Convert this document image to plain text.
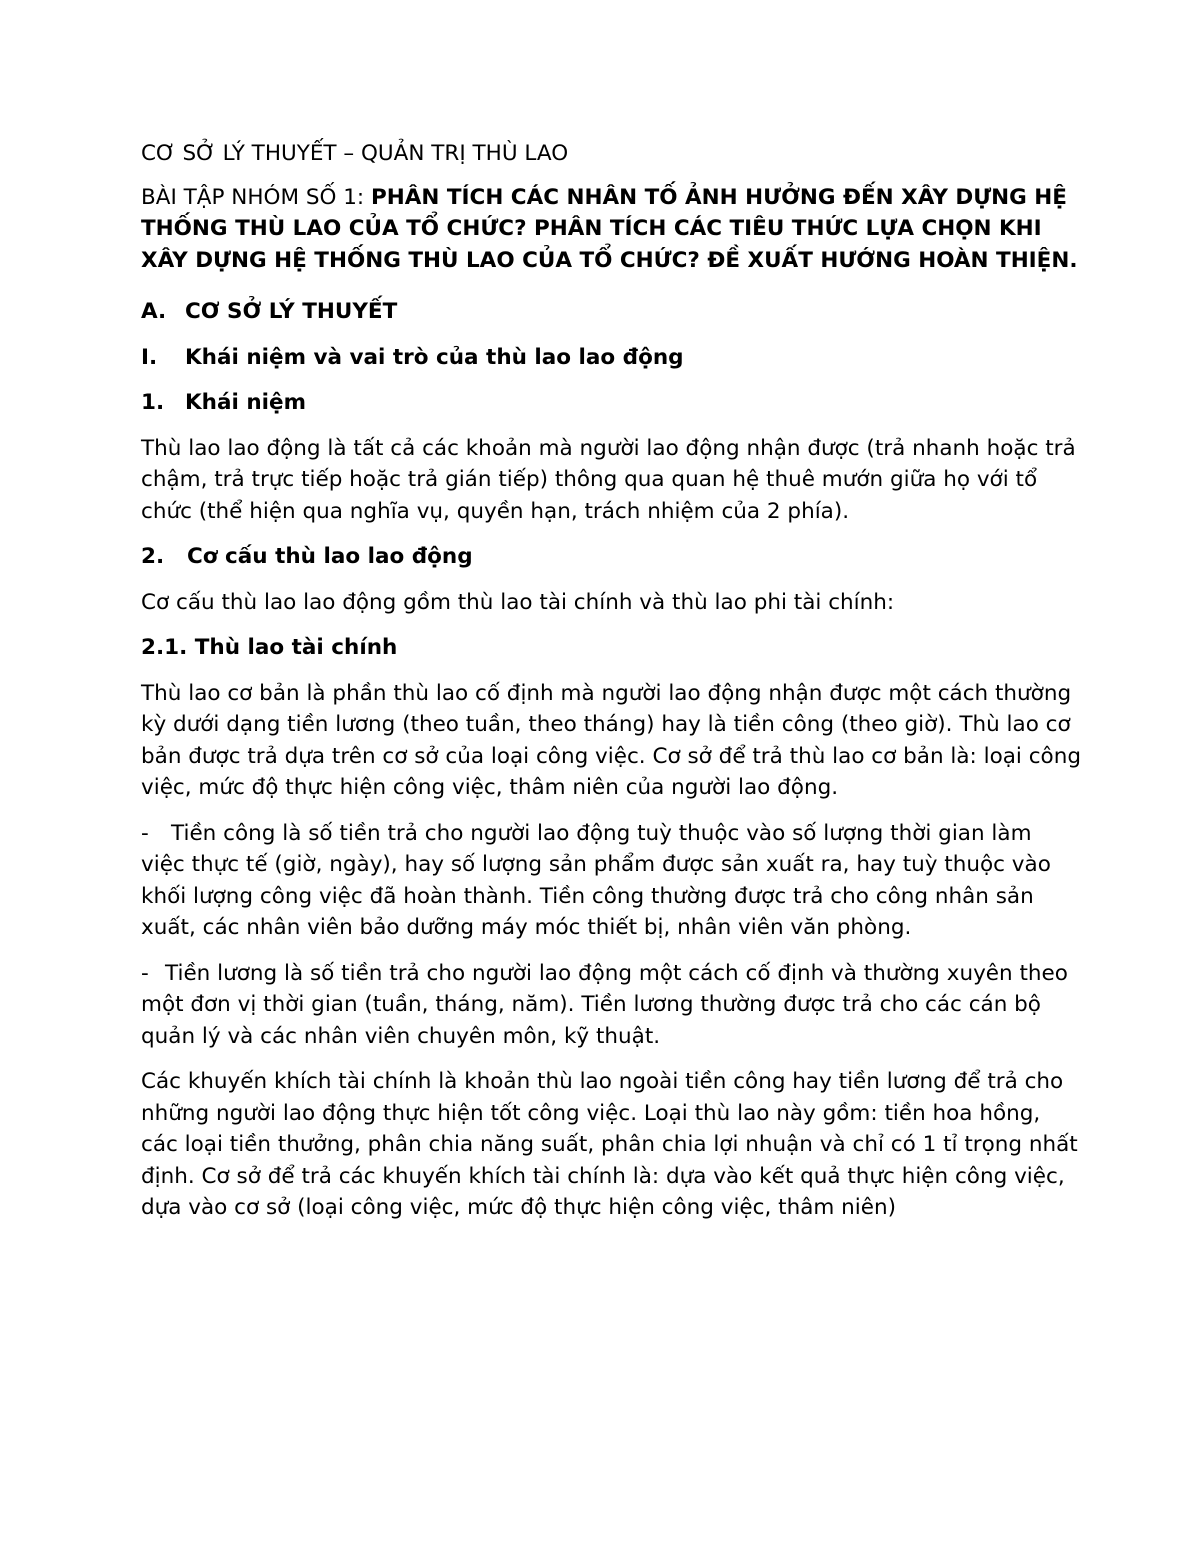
CƠ SỞ LÝ THUYẾT – QUẢN TRỊ THÙ LAO

BÀI TẬP NHÓM SỐ 1: PHÂN TÍCH CÁC NHÂN TỐ ẢNH HƯỞNG ĐẾN XÂY DỰNG HỆ THỐNG THÙ LAO CỦA TỔ CHỨC? PHÂN TÍCH CÁC TIÊU THỨC LỰA CHỌN KHI XÂY DỰNG HỆ THỐNG THÙ LAO CỦA TỔ CHỨC? ĐỀ XUẤT HƯỚNG HOÀN THIỆN.

A. CƠ SỞ LÝ THUYẾT

I. Khái niệm và vai trò của thù lao lao động

1. Khái niệm

Thù lao lao động là tất cả các khoản mà người lao động nhận được (trả nhanh hoặc trả chậm, trả trực tiếp hoặc trả gián tiếp) thông qua quan hệ thuê mướn giữa họ với tổ chức (thể hiện qua nghĩa vụ, quyền hạn, trách nhiệm của 2 phía).

2. Cơ cấu thù lao lao động

Cơ cấu thù lao lao động gồm thù lao tài chính và thù lao phi tài chính:

2.1. Thù lao tài chính

Thù lao cơ bản là phần thù lao cố định mà người lao động nhận được một cách thường kỳ dưới dạng tiền lương (theo tuần, theo tháng) hay là tiền công (theo giờ). Thù lao cơ bản được trả dựa trên cơ sở của loại công việc. Cơ sở để trả thù lao cơ bản là: loại công việc, mức độ thực hiện công việc, thâm niên của người lao động.

- Tiền công là số tiền trả cho người lao động tuỳ thuộc vào số lượng thời gian làm việc thực tế (giờ, ngày), hay số lượng sản phẩm được sản xuất ra, hay tuỳ thuộc vào khối lượng công việc đã hoàn thành. Tiền công thường được trả cho công nhân sản xuất, các nhân viên bảo dưỡng máy móc thiết bị, nhân viên văn phòng.

- Tiền lương là số tiền trả cho người lao động một cách cố định và thường xuyên theo một đơn vị thời gian (tuần, tháng, năm). Tiền lương thường được trả cho các cán bộ quản lý và các nhân viên chuyên môn, kỹ thuật.

Các khuyến khích tài chính là khoản thù lao ngoài tiền công hay tiền lương để trả cho những người lao động thực hiện tốt công việc. Loại thù lao này gồm: tiền hoa hồng, các loại tiền thưởng, phân chia năng suất, phân chia lợi nhuận và chỉ có 1 tỉ trọng nhất định. Cơ sở để trả các khuyến khích tài chính là: dựa vào kết quả thực hiện công việc, dựa vào cơ sở (loại công việc, mức độ thực hiện công việc, thâm niên)
